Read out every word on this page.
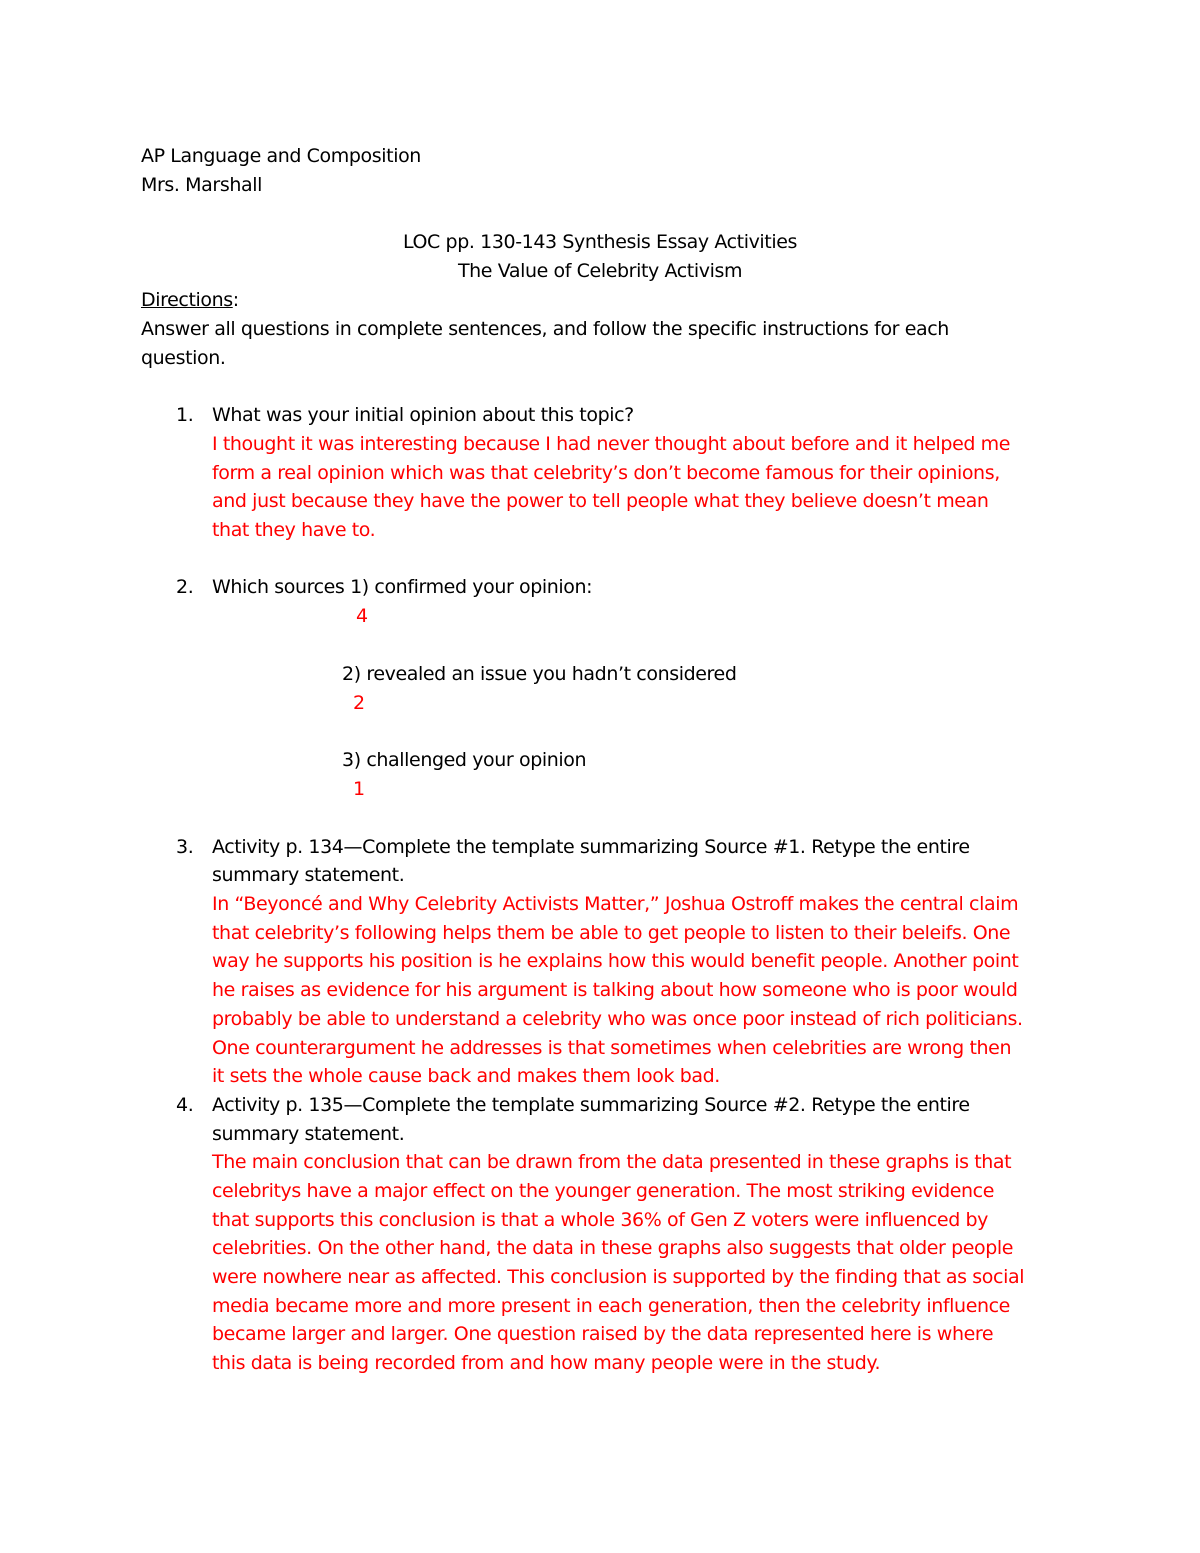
AP Language and Composition
Mrs. Marshall
LOC pp. 130-143 Synthesis Essay Activities
The Value of Celebrity Activism
Directions:
Answer all questions in complete sentences, and follow the specific instructions for each
question.
1. What was your initial opinion about this topic?
I thought it was interesting because I had never thought about before and it helped me
form a real opinion which was that celebrity’s don’t become famous for their opinions,
and just because they have the power to tell people what they believe doesn’t mean
that they have to.
2. Which sources 1) confirmed your opinion:
4
2) revealed an issue you hadn’t considered
2
3) challenged your opinion
1
3. Activity p. 134—Complete the template summarizing Source #1. Retype the entire
summary statement.
In “Beyoncé and Why Celebrity Activists Matter,” Joshua Ostroff makes the central claim
that celebrity’s following helps them be able to get people to listen to their beleifs. One
way he supports his position is he explains how this would benefit people. Another point
he raises as evidence for his argument is talking about how someone who is poor would
probably be able to understand a celebrity who was once poor instead of rich politicians.
One counterargument he addresses is that sometimes when celebrities are wrong then
it sets the whole cause back and makes them look bad.
4. Activity p. 135—Complete the template summarizing Source #2. Retype the entire
summary statement.
The main conclusion that can be drawn from the data presented in these graphs is that
celebritys have a major effect on the younger generation. The most striking evidence
that supports this conclusion is that a whole 36% of Gen Z voters were influenced by
celebrities. On the other hand, the data in these graphs also suggests that older people
were nowhere near as affected. This conclusion is supported by the finding that as social
media became more and more present in each generation, then the celebrity influence
became larger and larger. One question raised by the data represented here is where
this data is being recorded from and how many people were in the study.
